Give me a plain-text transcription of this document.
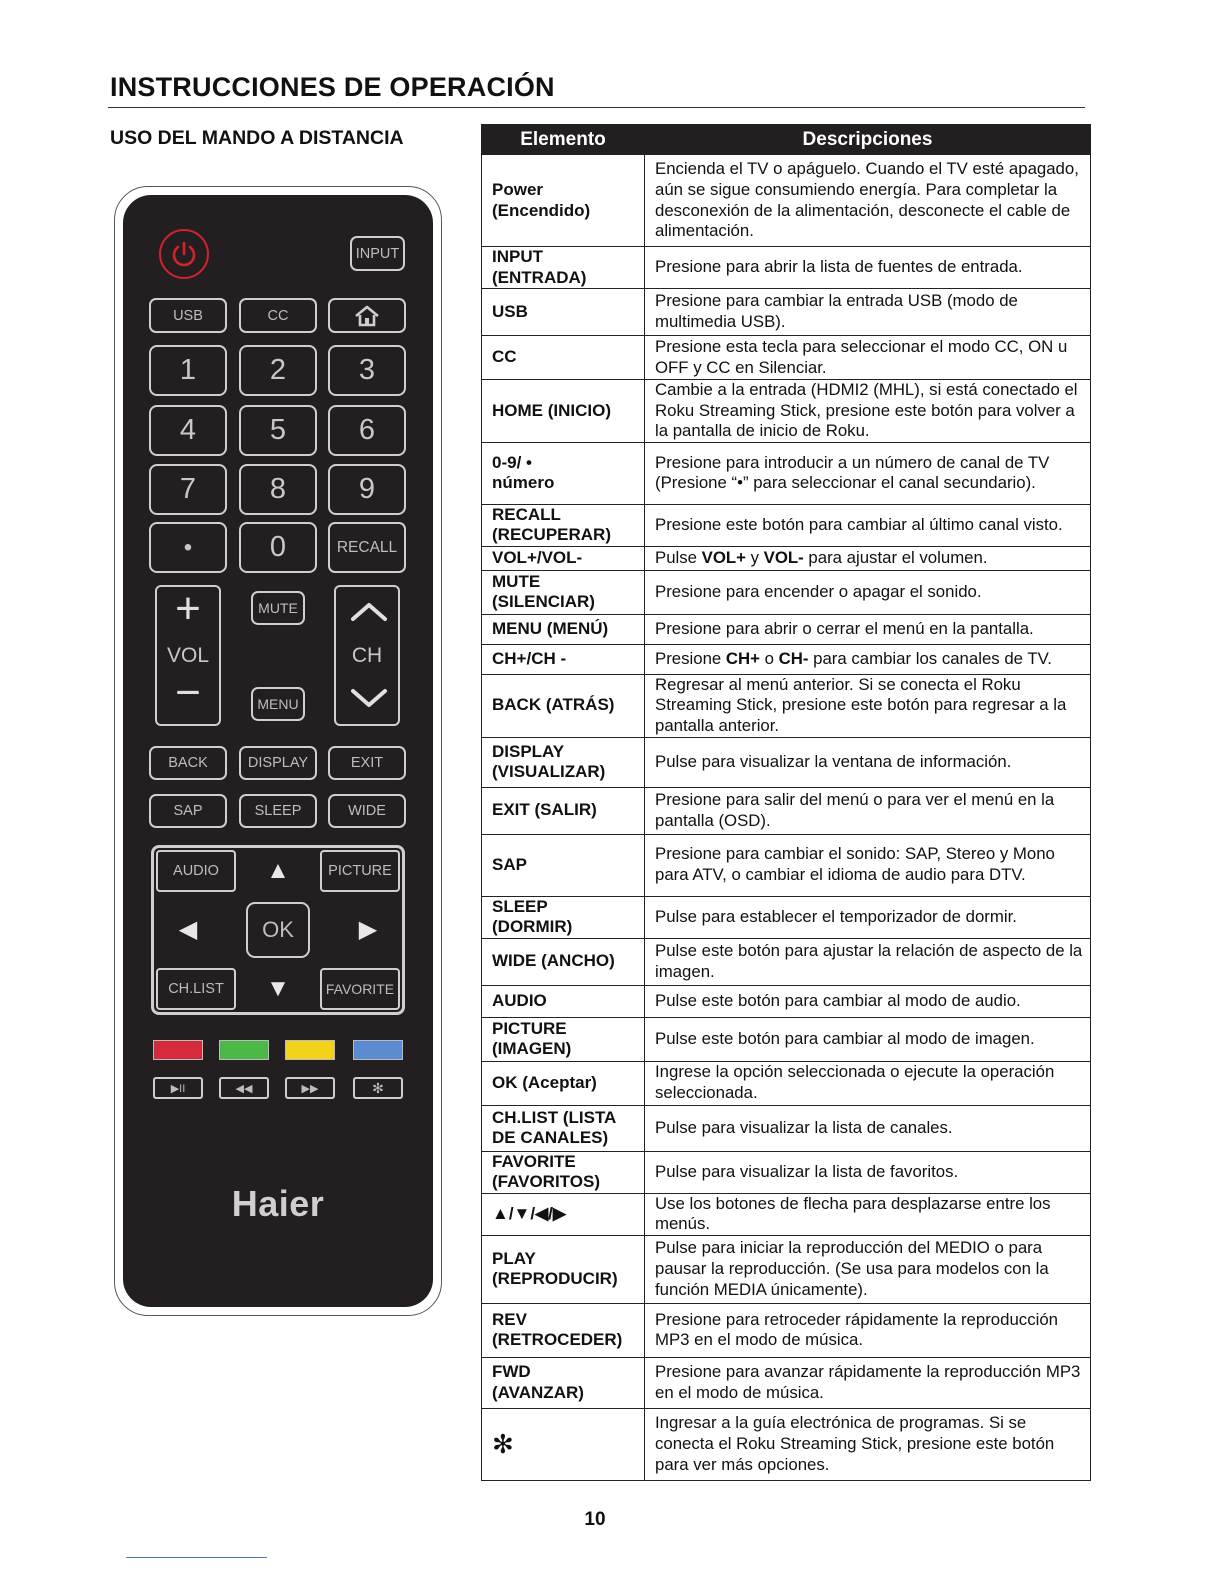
INSTRUCCIONES DE OPERACIÓN
USO DEL MANDO A DISTANCIA
INPUT
USB	CC
1	2	3
4	5	6
7	8	9
•	0	RECALL
+
VOL
−
MUTE
MENU
CH
BACK	DISPLAY	EXIT
SAP	SLEEP	WIDE
AUDIO	PICTURE
CH.LIST	FAVORITE
▲
▼
◀	▶
OK
▶II	◀◀	▶▶	✻
Haier
Elemento	Descripciones
Power
(Encendido)	Encienda el TV o apáguelo. Cuando el TV esté apagado, aún se sigue consumiendo energía. Para completar la desconexión de la alimentación, desconecte el cable de alimentación.
INPUT
(ENTRADA)	Presione para abrir la lista de fuentes de entrada.
USB	Presione para cambiar la entrada USB (modo de multimedia USB).
CC	Presione esta tecla para seleccionar el modo CC, ON u OFF y CC en Silenciar.
HOME (INICIO)	Cambie a la entrada (HDMI2 (MHL), si está conectado el Roku Streaming Stick, presione este botón para volver a la pantalla de inicio de Roku.
0-9/ •
número	Presione para introducir a un número de canal de TV (Presione “•” para seleccionar el canal secundario).
RECALL
(RECUPERAR)	Presione este botón para cambiar al último canal visto.
VOL+/VOL-	Pulse VOL+ y VOL- para ajustar el volumen.
MUTE
(SILENCIAR)	Presione para encender o apagar el sonido.
MENU (MENÚ)	Presione para abrir o cerrar el menú en la pantalla.
CH+/CH -	Presione CH+ o CH- para cambiar los canales de TV.
BACK (ATRÁS)	Regresar al menú anterior. Si se conecta el Roku Streaming Stick, presione este botón para regresar a la pantalla anterior.
DISPLAY
(VISUALIZAR)	Pulse para visualizar la ventana de información.
EXIT (SALIR)	Presione para salir del menú o para ver el menú en la pantalla (OSD).
SAP	Presione para cambiar el sonido: SAP, Stereo y Mono para ATV, o cambiar el idioma de audio para DTV.
SLEEP
(DORMIR)	Pulse para establecer el temporizador de dormir.
WIDE (ANCHO)	Pulse este botón para ajustar la relación de aspecto de la imagen.
AUDIO	Pulse este botón para cambiar al modo de audio.
PICTURE
(IMAGEN)	Pulse este botón para cambiar al modo de imagen.
OK (Aceptar)	Ingrese la opción seleccionada o ejecute la operación seleccionada.
CH.LIST (LISTA
DE CANALES)	Pulse para visualizar la lista de canales.
FAVORITE
(FAVORITOS)	Pulse para visualizar la lista de favoritos.
▲/▼/◀/▶	Use los botones de flecha para desplazarse entre los menús.
PLAY
(REPRODUCIR)	Pulse para iniciar la reproducción del MEDIO o para pausar la reproducción. (Se usa para modelos con la función MEDIA únicamente).
REV
(RETROCEDER)	Presione para retroceder rápidamente la reproducción MP3 en el modo de música.
FWD
(AVANZAR)	Presione para avanzar rápidamente la reproducción MP3 en el modo de música.
✻	Ingresar a la guía electrónica de programas. Si se conecta el Roku Streaming Stick, presione este botón para ver más opciones.
10
